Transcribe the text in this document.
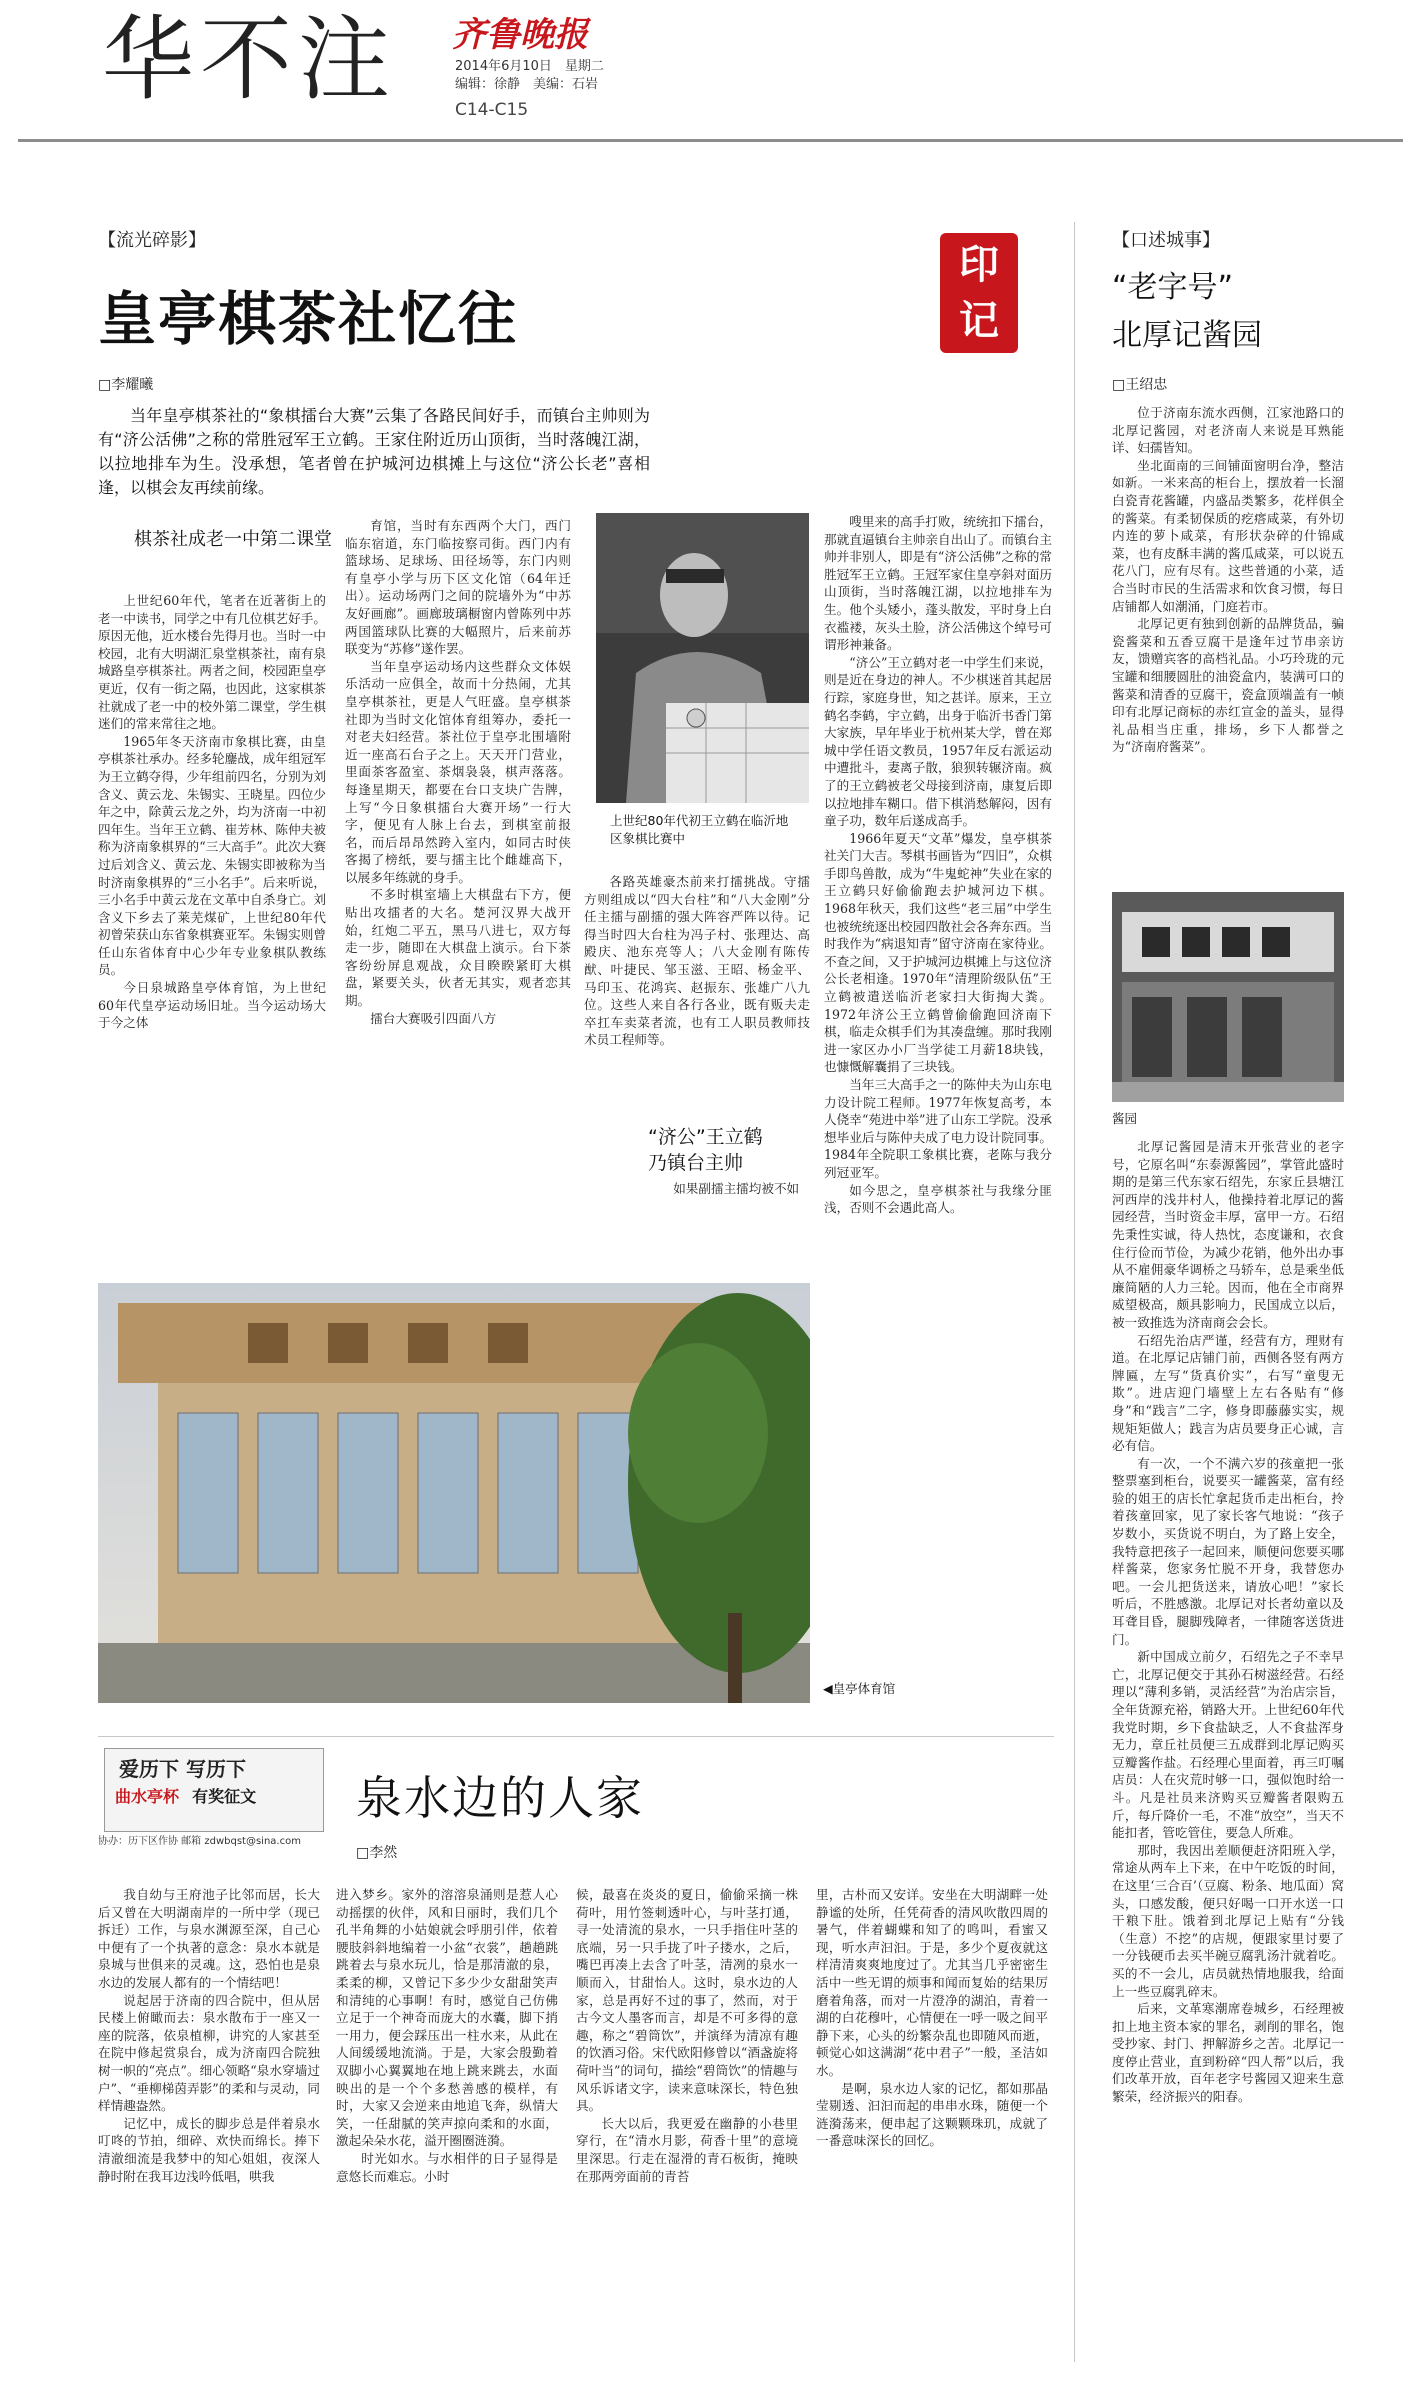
华不注 齐鲁晚报
2014年6月10日　星期二
编辑：徐静　美编：石岩
C14-C15
【流光碎影】
皇亭棋茶社忆往
印
记
□李耀曦
当年皇亭棋茶社的“象棋擂台大赛”云集了各路民间好手，而镇台主帅则为有“济公活佛”之称的常胜冠军王立鹤。王家住附近历山顶街，当时落魄江湖，以拉地排车为生。没承想，笔者曾在护城河边棋摊上与这位“济公长老”喜相逢，以棋会友再续前缘。
棋茶社成老一中第二课堂

上世纪60年代，笔者在近著街上的老一中读书，同学之中有几位棋艺好手。原因无他，近水楼台先得月也。当时一中校园，北有大明湖汇泉堂棋茶社，南有泉城路皇亭棋茶社。两者之间，校园距皇亭更近，仅有一街之隔，也因此，这家棋茶社就成了老一中的校外第二课堂，学生棋迷们的常来常往之地。

1965年冬天济南市象棋比赛，由皇亭棋茶社承办。经多轮鏖战，成年组冠军为王立鹤夺得，少年组前四名，分别为刘含义、黄云龙、朱锡实、王晓星。四位少年之中，除黄云龙之外，均为济南一中初四年生。当年王立鹤、崔芳林、陈仲夫被称为济南象棋界的“三大高手”。此次大赛过后刘含义、黄云龙、朱锡实即被称为当时济南象棋界的“三小名手”。后来听说，三小名手中黄云龙在文革中自杀身亡。刘含义下乡去了莱芜煤矿，上世纪80年代初曾荣获山东省象棋赛亚军。朱锡实则曾任山东省体育中心少年专业象棋队教练员。

今日泉城路皇亭体育馆，为上世纪60年代皇亭运动场旧址。当今运动场大于今之体

育馆，当时有东西两个大门，西门临东宿道，东门临按察司街。西门内有篮球场、足球场、田径场等，东门内则有皇亭小学与历下区文化馆（64年迁出）。运动场两门之间的院墙外为“中苏友好画廊”。画廊玻璃橱窗内曾陈列中苏两国篮球队比赛的大幅照片，后来前苏联变为“苏修”遂作罢。

当年皇亭运动场内这些群众文体娱乐活动一应俱全，故而十分热闹，尤其皇亭棋茶社，更是人气旺盛。皇亭棋茶社即为当时文化馆体育组筹办，委托一对老夫妇经营。茶社位于皇亭北围墙附近一座高石台子之上。天天开门营业，里面茶客盈室、茶烟袅袅，棋声落落。每逢星期天，都要在台口支块广告牌，上写“今日象棋擂台大赛开场”一行大字，便见有人脉上台去，到棋室前报名，而后昂昂然跨入室内，如同古时侠客揭了榜纸，要与擂主比个雌雄高下，以展多年练就的身手。

不多时棋室墙上大棋盘右下方，便贴出攻擂者的大名。楚河汉界大战开始，红炮二平五，黑马八进七，双方每走一步，随即在大棋盘上演示。台下茶客纷纷屏息观战，众目睽睽紧盯大棋盘，紧要关头，伙者无其实，观者恋其期。

擂台大赛吸引四面八方

上世纪80年代初王立鹤在临沂地区象棋比赛中

各路英雄豪杰前来打擂挑战。守擂方则组成以“四大台柱”和“八大金刚”分任主擂与副擂的强大阵容严阵以待。记得当时四大台柱为冯子村、张理达、高殿庆、池东亮等人；八大金刚有陈传猷、叶捷民、邹玉滋、王昭、杨金平、马印玉、花鸿宾、赵振东、张雄广八九位。这些人来自各行各业，既有贩夫走卒扛车卖菜者流，也有工人职员教师技术员工程师等。

“济公”王立鹤
乃镇台主帅

如果副擂主擂均被不如

嗖里来的高手打败，统统扣下擂台，那就直逼镇台主帅亲自出山了。而镇台主帅并非别人，即是有“济公活佛”之称的常胜冠军王立鹤。王冠军家住皇亭斜对面历山顶街，当时落魄江湖，以拉地排车为生。他个头矮小，蓬头散发，平时身上白衣褴褛，灰头土脸，济公活佛这个绰号可谓形神兼备。

“济公”王立鹤对老一中学生们来说，则是近在身边的神人。不少棋迷首其起居行踪，家庭身世，知之甚详。原来，王立鹤名李鹤，宇立鹤，出身于临沂书香门第大家族，早年毕业于杭州某大学，曾在郑城中学任语文教员，1957年反右派运动中遭批斗，妻离子散，狼狈转辗济南。疯了的王立鹤被老父母接到济南，康复后即以拉地排车糊口。借下棋消愁解闷，因有童子功，数年后遂成高手。

1966年夏天“文革”爆发，皇亭棋茶社关门大吉。琴棋书画皆为“四旧”，众棋手即鸟兽散，成为“牛鬼蛇神”失业在家的王立鹤只好偷偷跑去护城河边下棋。1968年秋天，我们这些“老三届”中学生也被统统逐出校园四散社会各奔东西。当时我作为“病退知青”留守济南在家待业。不查之间，又于护城河边棋摊上与这位济公长老相逢。1970年“清理阶级队伍”王立鹤被遣送临沂老家扫大街掏大粪。1972年济公王立鹤曾偷偷跑回济南下棋，临走众棋手们为其凑盘缠。那时我刚进一家区办小厂当学徒工月薪18块钱，也慷慨解囊捐了三块钱。

当年三大高手之一的陈仲夫为山东电力设计院工程师。1977年恢复高考，本人侥幸“苑进中举”进了山东工学院。没承想毕业后与陈仲夫成了电力设计院同事。1984年全院职工象棋比赛，老陈与我分列冠亚军。

如今思之，皇亭棋茶社与我缘分匪浅，否则不会遇此高人。

◀皇亭体育馆
【口述城事】
“老字号”
北厚记酱园
□王绍忠

位于济南东流水西侧，江家池路口的北厚记酱园，对老济南人来说是耳熟能详、妇孺皆知。

坐北面南的三间铺面窗明台净，整洁如新。一米来高的柜台上，摆放着一长溜白瓷青花酱罐，内盛品类繁多，花样俱全的酱菜。有柔韧保质的疙瘩咸菜，有外切内连的萝卜咸菜，有形状杂碎的什锦咸菜，也有皮酥丰满的酱瓜咸菜，可以说五花八门，应有尽有。这些普通的小菜，适合当时市民的生活需求和饮食习惯，每日店铺都人如潮涌，门庭若市。

北厚记更有独到创新的品牌货品，骗瓷酱菜和五香豆腐干是逢年过节串亲访友，馈赠宾客的高档礼品。小巧玲珑的元宝罐和细腰圆肚的油瓷盒内，装满可口的酱菜和清香的豆腐干，瓷盒顶端盖有一帧印有北厚记商标的赤红宣金的盖头，显得礼品相当庄重，排场，乡下人都誉之为“济南府酱菜”。

酱园

北厚记酱园是清末开张营业的老字号，它原名叫“东泰源酱园”，掌管此盛时期的是第三代东家石绍先，东家丘县塘江河西岸的浅井村人，他操持着北厚记的酱园经营，当时资金丰厚，富甲一方。石绍先秉性实诚，待人热忱，态度谦和，衣食住行俭而节俭，为减少花销，他外出办事从不雇佣豪华调桥之马轿车，总是乘坐低廉简陋的人力三轮。因而，他在全市商界威望极高，颇具影响力，民国成立以后，被一致推选为济南商会会长。

石绍先治店严谨，经营有方，理财有道。在北厚记店铺门前，西侧各竖有两方牌匾，左写“货真价实”，右写“童叟无欺”。进店迎门墙壁上左右各贴有“修身”和“践言”二字，修身即藤藤实实，规规矩矩做人；践言为店员要身正心诚，言必有信。

有一次，一个不满六岁的孩童把一张整票塞到柜台，说要买一罐酱菜，富有经验的姐王的店长忙拿起货币走出柜台，拎着孩童回家，见了家长客气地说：“孩子岁数小，买货说不明白，为了路上安全，我特意把孩子一起回来，顺便问您要买哪样酱菜，您家务忙脱不开身，我替您办吧。一会儿把货送来，请放心吧！”家长听后，不胜感激。北厚记对长者幼童以及耳聋目昏，腿脚残障者，一律随客送货进门。

新中国成立前夕，石绍先之子不幸早亡，北厚记便交于其孙石树滋经营。石经理以“薄利多销，灵活经营”为治店宗旨，全年货源充裕，销路大开。上世纪60年代我党时期，乡下食盐缺乏，人不食盐浑身无力，章丘社员便三五成群到北厚记购买豆瓣酱作盐。石经理心里面着，再三叮嘱店员：人在灾荒时够一口，强似饱时给一斗。凡是社员来济购买豆瓣酱者限购五斤，每斤降价一毛，不准“放空”，当天不能扣者，管吃管住，要急人所难。

那时，我因出差顺便赶济阳班入学，常途从两车上下来，在中午吃饭的时间，在这里‘三合百’（豆腐、粉条、地瓜面）窝头，口感发酸，便只好喝一口开水送一口干粮下肚。饿着到北厚记上贴有“分钱（生意）不挖”的店规，便跟家里讨要了一分钱硬币去买半碗豆腐乳汤汁就着吃。买的不一会儿，店员就热情地服我，给面上一些豆腐乳碎末。

后来，文革寒潮席卷城乡，石经理被扣上地主资本家的罪名，剥削的罪名，饱受抄家、封门、押解游乡之苦。北厚记一度停止营业，直到粉碎“四人帮”以后，我们改革开放，百年老字号酱园又迎来生意繁荣，经济振兴的阳春。

爱历下 写历下
曲水亭杯 有奖征文
协办：历下区作协 邮箱 zdwbqst@sina.com
泉水边的人家
□李然

我自幼与王府池子比邻而居，长大后又曾在大明湖南岸的一所中学（现已拆迁）工作，与泉水渊源至深，自己心中便有了一个执著的意念：泉水本就是泉城与世俱来的灵魂。这，恐怕也是泉水边的发展人都有的一个情结吧！

说起居于济南的四合院中，但从居民楼上俯瞰而去：泉水散布于一座又一座的院落，依泉植柳，讲究的人家甚至在院中修起赏泉台，成为济南四合院独树一帜的“亮点”。细心领略“泉水穿墙过户”、“垂柳梯茵弄影”的柔和与灵动，同样情趣盎然。

记忆中，成长的脚步总是伴着泉水叮咚的节拍，细碎、欢快而绵长。捧下清澈细流是我梦中的知心姐姐，夜深人静时附在我耳边浅吟低唱，哄我

进入梦乡。家外的溶溶泉涌则是惹人心动摇摆的伙伴，风和日丽时，我们几个孔半角舞的小姑娘就会呼朋引伴，依着腰肢斜斜地编着一小盆“衣裳”，趟趟跳跳着去与泉水玩儿，恰是那清澈的泉，柔柔的柳，又曾记下多少少女甜甜笑声和清纯的心事啊！有时，感觉自己仿佛立足于一个神奇而庞大的水囊，脚下捎一用力，便会踩压出一柱水来，从此在人间缓缓地流淌。于是，大家会殷勤着双脚小心翼翼地在地上跳来跳去，水面映出的是一个个多愁善感的模样，有时，大家又会逆来由地追飞奔，纵情大笑，一任甜腻的笑声掠向柔和的水面，激起朵朵水花，溢开圈圈涟漪。

时光如水。与水相伴的日子显得是意悠长而难忘。小时

候，最喜在炎炎的夏日，偷偷采摘一株荷叶，用竹签刺透叶心，与叶茎打通，寻一处清流的泉水，一只手指住叶茎的底端，另一只手拢了叶子搂水，之后，嘴巴再凑上去含了叶茎，清冽的泉水一顺而入，甘甜怡人。这时，泉水边的人家，总是再好不过的事了，然而，对于古今文人墨客而言，却是不可多得的意趣，称之“碧筒饮”，并演绎为清凉有趣的饮酒习俗。宋代欧阳修曾以“酒盏旋将荷叶当”的词句，描绘“碧筒饮”的情趣与风乐诉诸文字，读来意味深长，特色独具。

长大以后，我更爱在幽静的小巷里穿行，在“清水月影，荷香十里”的意境里深思。行走在湿滑的青石板街，掩映在那两旁面前的青苔

里，古朴而又安详。安坐在大明湖畔一处静谧的处所，任凭荷香的清风吹散四周的暑气，伴着蝴蝶和知了的鸣叫，看蜜又现，听水声汩汩。于是，多少个夏夜就这样清清爽爽地度过了。尤其当几乎密密生活中一些无谓的烦事和闻而复始的结果厉磨着角落，而对一片澄净的湖泊，青着一湖的白花穆叶，心情便在一呼一吸之间平静下来，心头的纷繁杂乱也即随风而逝，顿觉心如这满湖“花中君子”一般，圣洁如水。

是啊，泉水边人家的记忆，都如那晶莹剔透、汩汩而起的串串水珠，随便一个涟漪荡来，便串起了这颗颗珠玑，成就了一番意味深长的回忆。
